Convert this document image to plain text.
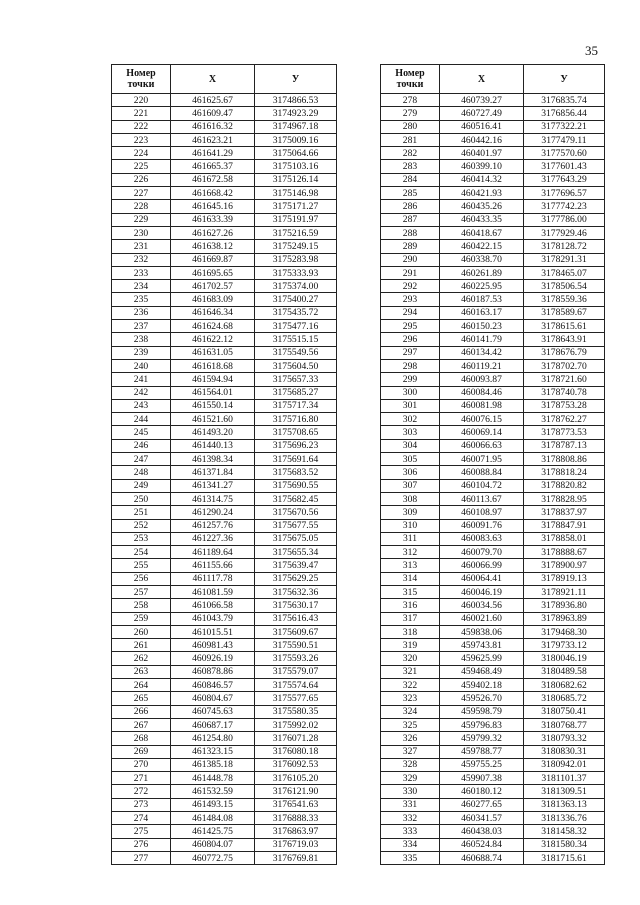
35
Номер
точки	X	У
220	461625.67	3174866.53
221	461609.47	3174923.29
222	461616.32	3174967.18
223	461623.21	3175009.16
224	461641.29	3175064.66
225	461665.37	3175103.16
226	461672.58	3175126.14
227	461668.42	3175146.98
228	461645.16	3175171.27
229	461633.39	3175191.97
230	461627.26	3175216.59
231	461638.12	3175249.15
232	461669.87	3175283.98
233	461695.65	3175333.93
234	461702.57	3175374.00
235	461683.09	3175400.27
236	461646.34	3175435.72
237	461624.68	3175477.16
238	461622.12	3175515.15
239	461631.05	3175549.56
240	461618.68	3175604.50
241	461594.94	3175657.33
242	461564.01	3175685.27
243	461550.14	3175717.34
244	461521.60	3175716.80
245	461493.20	3175708.65
246	461440.13	3175696.23
247	461398.34	3175691.64
248	461371.84	3175683.52
249	461341.27	3175690.55
250	461314.75	3175682.45
251	461290.24	3175670.56
252	461257.76	3175677.55
253	461227.36	3175675.05
254	461189.64	3175655.34
255	461155.66	3175639.47
256	461117.78	3175629.25
257	461081.59	3175632.36
258	461066.58	3175630.17
259	461043.79	3175616.43
260	461015.51	3175609.67
261	460981.43	3175590.51
262	460926.19	3175593.26
263	460878.86	3175579.07
264	460846.57	3175574.64
265	460804.67	3175577.65
266	460745.63	3175580.35
267	460687.17	3175992.02
268	461254.80	3176071.28
269	461323.15	3176080.18
270	461385.18	3176092.53
271	461448.78	3176105.20
272	461532.59	3176121.90
273	461493.15	3176541.63
274	461484.08	3176888.33
275	461425.75	3176863.97
276	460804.07	3176719.03
277	460772.75	3176769.81
Номер
точки	X	У
278	460739.27	3176835.74
279	460727.49	3176856.44
280	460516.41	3177322.21
281	460442.16	3177479.11
282	460401.97	3177570.60
283	460399.10	3177601.43
284	460414.32	3177643.29
285	460421.93	3177696.57
286	460435.26	3177742.23
287	460433.35	3177786.00
288	460418.67	3177929.46
289	460422.15	3178128.72
290	460338.70	3178291.31
291	460261.89	3178465.07
292	460225.95	3178506.54
293	460187.53	3178559.36
294	460163.17	3178589.67
295	460150.23	3178615.61
296	460141.79	3178643.91
297	460134.42	3178676.79
298	460119.21	3178702.70
299	460093.87	3178721.60
300	460084.46	3178740.78
301	460081.98	3178753.28
302	460076.15	3178762.27
303	460069.14	3178773.53
304	460066.63	3178787.13
305	460071.95	3178808.86
306	460088.84	3178818.24
307	460104.72	3178820.82
308	460113.67	3178828.95
309	460108.97	3178837.97
310	460091.76	3178847.91
311	460083.63	3178858.01
312	460079.70	3178888.67
313	460066.99	3178900.97
314	460064.41	3178919.13
315	460046.19	3178921.11
316	460034.56	3178936.80
317	460021.60	3178963.89
318	459838.06	3179468.30
319	459743.81	3179733.12
320	459625.99	3180046.19
321	459468.49	3180489.58
322	459402.18	3180682.62
323	459526.70	3180685.72
324	459598.79	3180750.41
325	459796.83	3180768.77
326	459799.32	3180793.32
327	459788.77	3180830.31
328	459755.25	3180942.01
329	459907.38	3181101.37
330	460180.12	3181309.51
331	460277.65	3181363.13
332	460341.57	3181336.76
333	460438.03	3181458.32
334	460524.84	3181580.34
335	460688.74	3181715.61
